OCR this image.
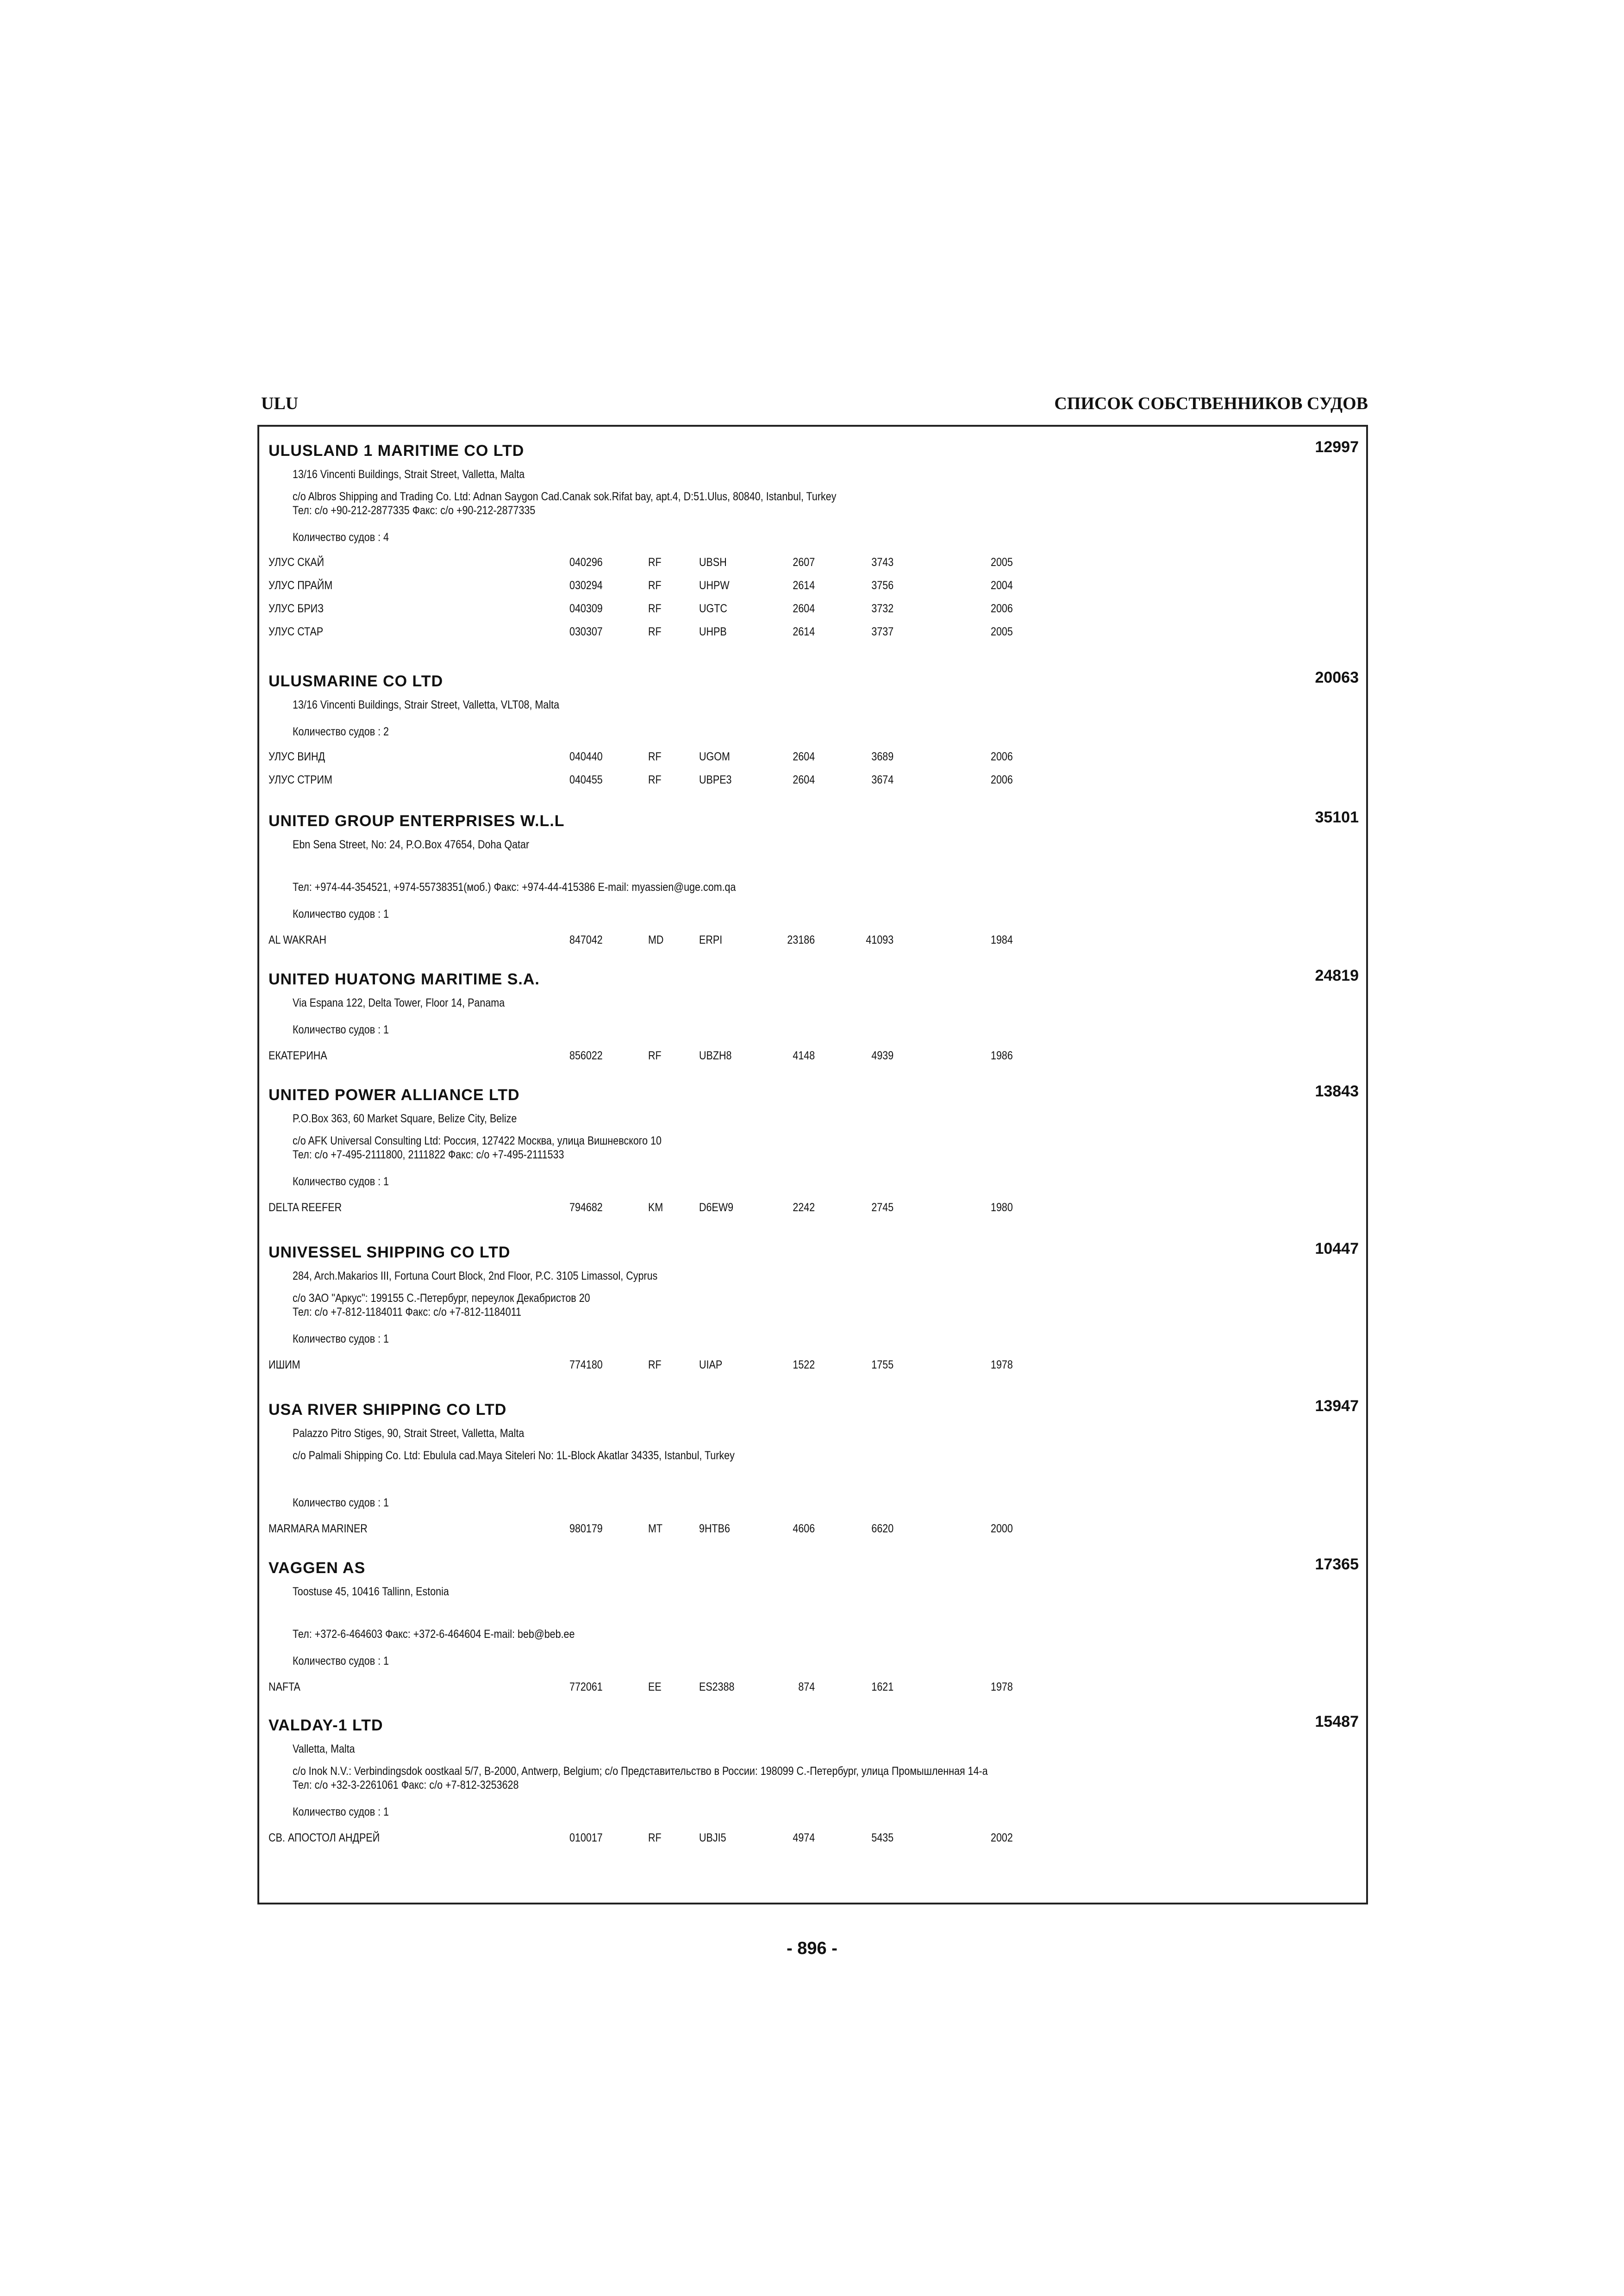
ULU	СПИСОК СОБСТВЕННИКОВ СУДОВ
ULUSLAND 1 MARITIME CO LTD	12997
13/16 Vincenti Buildings, Strait Street, Valletta, Malta
c/o Albros Shipping and Trading Co. Ltd: Adnan Saygon Cad.Canak sok.Rifat bay, apt.4, D:51.Ulus, 80840, Istanbul, Turkey
Тел: c/o +90-212-2877335 Факс: c/o +90-212-2877335
Количество судов : 4
УЛУС СКАЙ	040296	RF	UBSH	2607	3743	2005
УЛУС ПРАЙМ	030294	RF	UHPW	2614	3756	2004
УЛУС БРИЗ	040309	RF	UGTC	2604	3732	2006
УЛУС СТАР	030307	RF	UHPB	2614	3737	2005
ULUSMARINE CO LTD	20063
13/16 Vincenti Buildings, Strair Street, Valletta, VLT08, Malta
Количество судов : 2
УЛУС ВИНД	040440	RF	UGOM	2604	3689	2006
УЛУС СТРИМ	040455	RF	UBPE3	2604	3674	2006
UNITED GROUP ENTERPRISES W.L.L	35101
Ebn Sena Street, No: 24, P.O.Box 47654, Doha Qatar
Тел: +974-44-354521, +974-55738351(моб.) Факс: +974-44-415386 E-mail: myassien@uge.com.qa
Количество судов : 1
AL WAKRAH	847042	MD	ERPI	23186	41093	1984
UNITED HUATONG MARITIME S.A.	24819
Via Espana 122, Delta Tower, Floor 14, Panama
Количество судов : 1
ЕКАТЕРИНА	856022	RF	UBZH8	4148	4939	1986
UNITED POWER ALLIANCE LTD	13843
P.O.Box 363, 60 Market Square, Belize City, Belize
c/o AFK Universal Consulting Ltd: Россия, 127422 Москва, улица Вишневского 10
Тел: c/o +7-495-2111800, 2111822 Факс: c/o +7-495-2111533
Количество судов : 1
DELTA REEFER	794682	KM	D6EW9	2242	2745	1980
UNIVESSEL SHIPPING CO LTD	10447
284, Arch.Makarios III, Fortuna Court Block, 2nd Floor, P.C. 3105 Limassol, Cyprus
c/o ЗАО "Аркус": 199155 С.-Петербург, переулок Декабристов 20
Тел: c/o +7-812-1184011 Факс: c/o +7-812-1184011
Количество судов : 1
ИШИМ	774180	RF	UIAP	1522	1755	1978
USA RIVER SHIPPING CO LTD	13947
Palazzo Pitro Stiges, 90, Strait Street, Valletta, Malta
c/o Palmali Shipping Co. Ltd: Ebulula cad.Maya Siteleri No: 1L-Block Akatlar 34335, Istanbul, Turkey
Количество судов : 1
MARMARA MARINER	980179	MT	9HTB6	4606	6620	2000
VAGGEN AS	17365
Toostuse 45, 10416 Tallinn, Estonia
Тел: +372-6-464603 Факс: +372-6-464604 E-mail: beb@beb.ee
Количество судов : 1
NAFTA	772061	EE	ES2388	874	1621	1978
VALDAY-1 LTD	15487
Valletta, Malta
c/o Inok N.V.: Verbindingsdok oostkaal 5/7, B-2000, Antwerp, Belgium; c/o Представительство в России: 198099 С.-Петербург, улица Промышленная 14-а
Тел: c/o +32-3-2261061 Факс: c/o +7-812-3253628
Количество судов : 1
СВ. АПОСТОЛ АНДРЕЙ	010017	RF	UBJI5	4974	5435	2002
- 896 -
